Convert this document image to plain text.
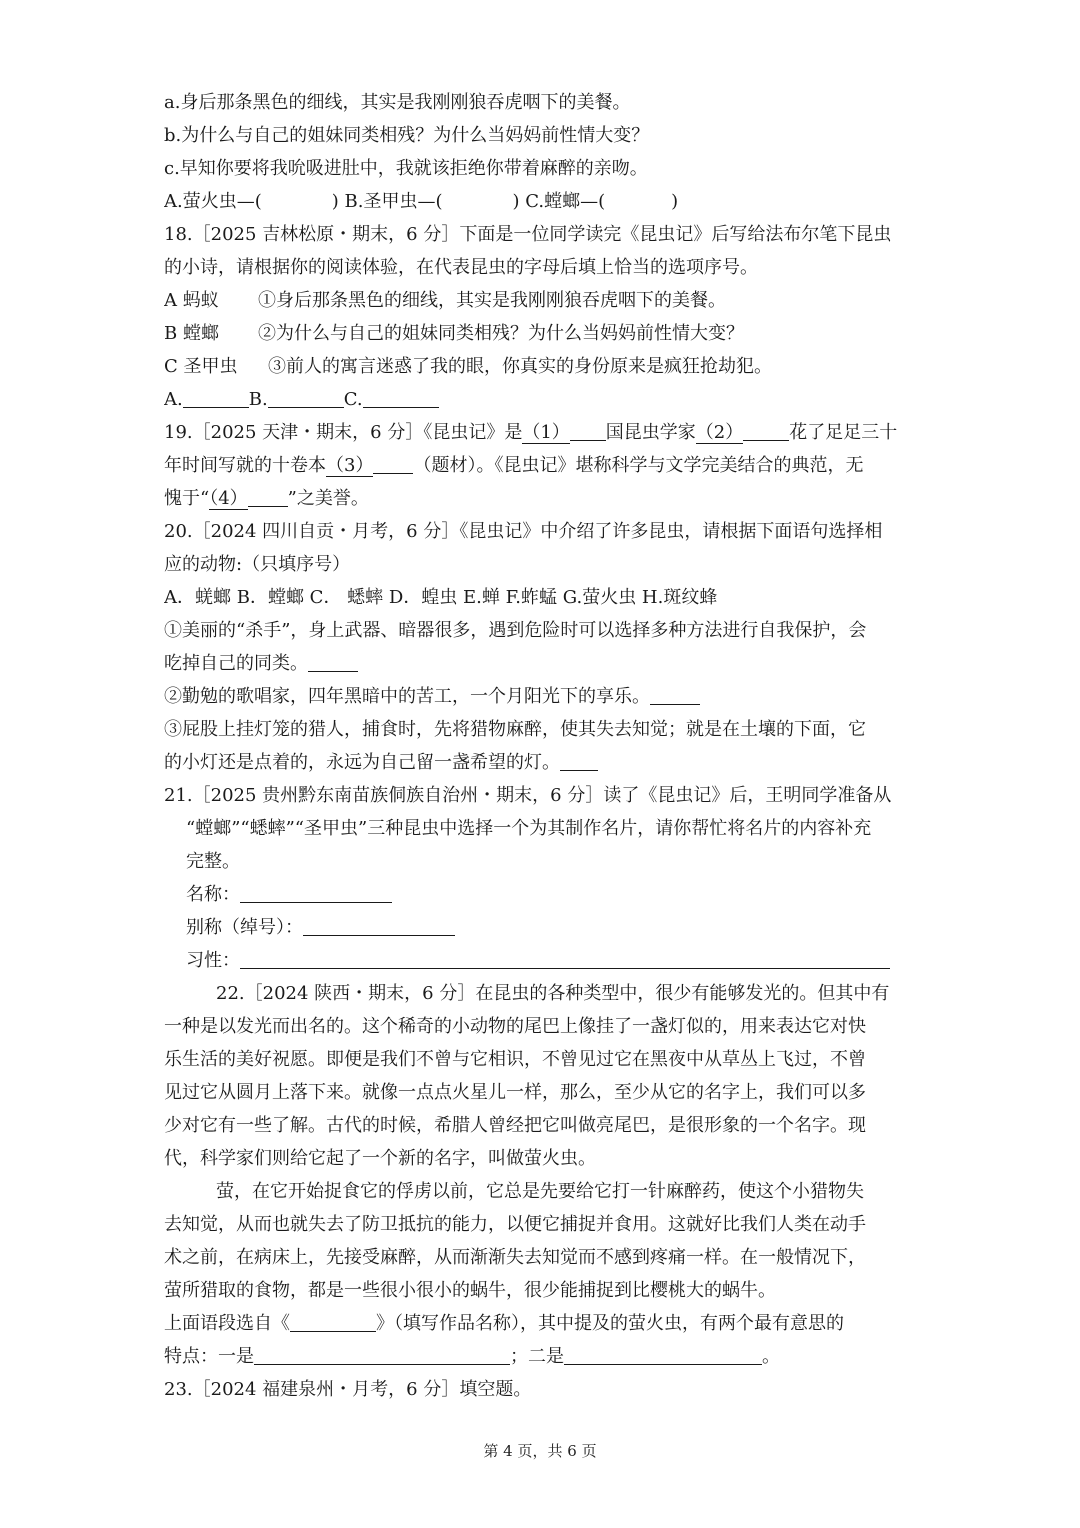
a.身后那条黑色的细线，其实是我刚刚狼吞虎咽下的美餐。
b.为什么与自己的姐妹同类相残？为什么当妈妈前性情大变？
c.早知你要将我吮吸进肚中，我就该拒绝你带着麻醉的亲吻。
A.萤火虫—(	) B.圣甲虫—(	) C.螳螂—(	)
18.［2025 吉林松原・期末，6 分］下面是一位同学读完《昆虫记》后写给法布尔笔下昆虫
的小诗，请根据你的阅读体验，在代表昆虫的字母后填上恰当的选项序号。
A 蚂蚁 ①身后那条黑色的细线，其实是我刚刚狼吞虎咽下的美餐。
B 螳螂 ②为什么与自己的姐妹同类相残？为什么当妈妈前性情大变？
C 圣甲虫 ③前人的寓言迷惑了我的眼，你真实的身份原来是疯狂抢劫犯。
A.	B.	C.
19.［2025 天津・期末，6 分］《昆虫记》是（1） 国昆虫学家（2）	花了足足三十
年时间写就的十卷本（3） （题材）。《昆虫记》堪称科学与文学完美结合的典范，无
愧于“（4） ”之美誉。
20.［2024 四川自贡・月考，6 分］《昆虫记》中介绍了许多昆虫，请根据下面语句选择相
应的动物:（只填序号）
A．蜣螂 B．螳螂 C． 蟋蟀 D．蝗虫 E.蝉 F.蚱蜢 G.萤火虫 H.斑纹蜂
①美丽的“杀手”，身上武器、暗器很多，遇到危险时可以选择多种方法进行自我保护，会
吃掉自己的同类。
②勤勉的歌唱家，四年黑暗中的苦工，一个月阳光下的享乐。
③屁股上挂灯笼的猎人，捕食时，先将猎物麻醉，使其失去知觉；就是在土壤的下面，它
的小灯还是点着的，永远为自己留一盏希望的灯。
21.［2025 贵州黔东南苗族侗族自治州・期末，6 分］读了《昆虫记》后，王明同学准备从
“螳螂”“蟋蟀”“圣甲虫”三种昆虫中选择一个为其制作名片，请你帮忙将名片的内容补充
完整。
名称：
别称（绰号）：
习性：
22.［2024 陕西・期末，6 分］在昆虫的各种类型中，很少有能够发光的。但其中有
一种是以发光而出名的。这个稀奇的小动物的尾巴上像挂了一盏灯似的，用来表达它对快
乐生活的美好祝愿。即便是我们不曾与它相识，不曾见过它在黑夜中从草丛上飞过，不曾
见过它从圆月上落下来。就像一点点火星儿一样，那么，至少从它的名字上，我们可以多
少对它有一些了解。古代的时候，希腊人曾经把它叫做亮尾巴，是很形象的一个名字。现
代，科学家们则给它起了一个新的名字，叫做萤火虫。
萤，在它开始捉食它的俘虏以前，它总是先要给它打一针麻醉药，使这个小猎物失
去知觉，从而也就失去了防卫抵抗的能力，以便它捕捉并食用。这就好比我们人类在动手
术之前，在病床上，先接受麻醉，从而渐渐失去知觉而不感到疼痛一样。在一般情况下，
萤所猎取的食物，都是一些很小很小的蜗牛，很少能捕捉到比樱桃大的蜗牛。
上面语段选自《	》（填写作品名称），其中提及的萤火虫，有两个最有意思的
特点：一是	；二是	。
23.［2024 福建泉州・月考，6 分］填空题。
第 4 页，共 6 页
